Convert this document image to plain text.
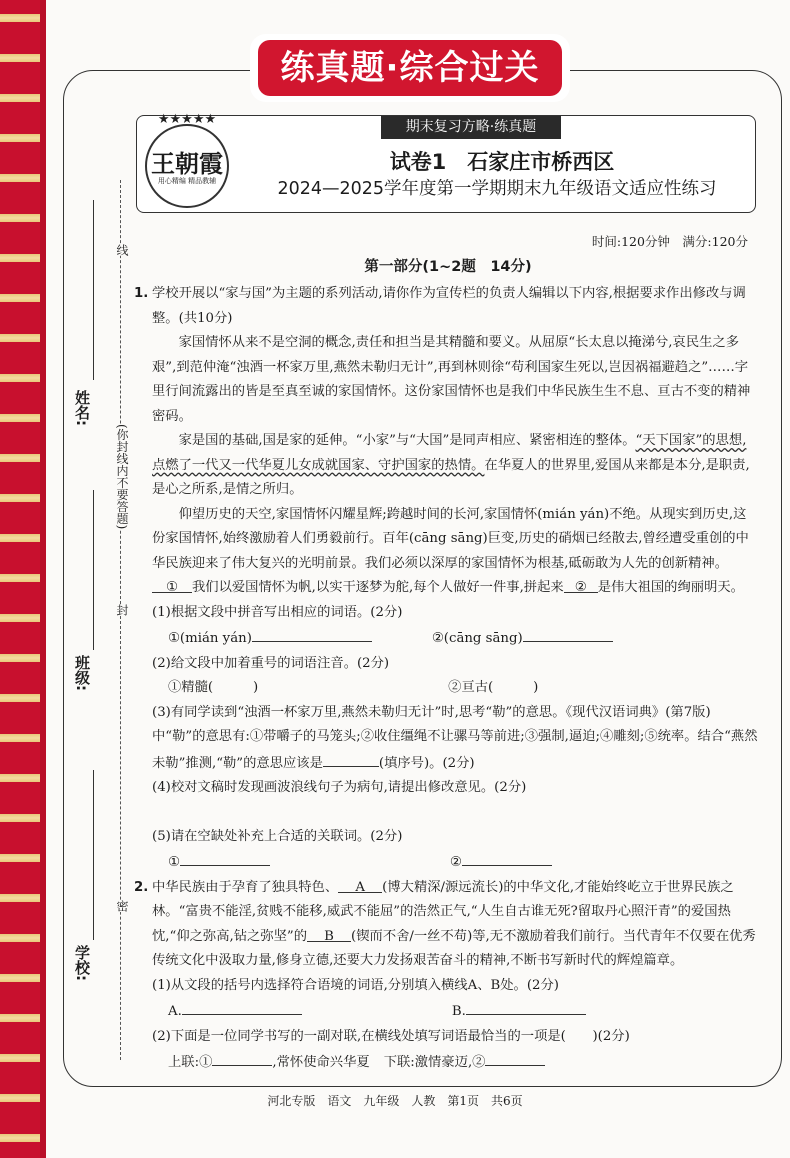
练真题·综合过关
期末复习方略·练真题
★★★★★
王朝霞
用心精编 精品教辅
试卷1　石家庄市桥西区
2024—2025学年度第一学期期末九年级语文适应性练习
时间:120分钟　满分:120分
线
(你封线内不要答题)
封
密
姓名:
班级:
学校:
第一部分(1~2题　14分)

1. 学校开展以“家与国”为主题的系列活动,请你作为宣传栏的负责人编辑以下内容,根据要求作出修改与调整。(共10分)

家国情怀从来不是空洞的概念,责任和担当是其精髓和要义。从屈原“长太息以掩涕兮,哀民生之多艰”,到范仲淹“浊酒一杯家万里,燕然未勒归无计”,再到林则徐“苟利国家生死以,岂因祸福避趋之”……字里行间流露出的皆是至真至诚的家国情怀。这份家国情怀也是我们中华民族生生不息、亘古不变的精神密码。

家是国的基础,国是家的延伸。“小家”与“大国”是同声相应、紧密相连的整体。“天下国家”的思想,点燃了一代又一代华夏儿女成就国家、守护国家的热情。在华夏人的世界里,爱国从来都是本分,是职责,是心之所系,是情之所归。

仰望历史的天空,家国情怀闪耀星辉;跨越时间的长河,家国情怀(mián yán)不绝。从现实到历史,这份家国情怀,始终激励着人们勇毅前行。百年(cāng sāng)巨变,历史的硝烟已经散去,曾经遭受重创的中华民族迎来了伟大复兴的光明前景。我们必须以深厚的家国情怀为根基,砥砺敢为人先的创新精神。① 我们以爱国情怀为帆,以实干逐梦为舵,每个人做好一件事,拼起来 ② 是伟大祖国的绚丽明天。

(1)根据文段中拼音写出相应的词语。(2分)

①(mián yán)	②(cāng sāng)

(2)给文段中加着重号的词语注音。(2分)

①精髓(　　　)	②亘古(　　　)

(3)有同学读到“浊酒一杯家万里,燕然未勒归无计”时,思考“勒”的意思。《现代汉语词典》(第7版)中“勒”的意思有:①带嚼子的马笼头;②收住缰绳不让骡马等前进;③强制,逼迫;④雕刻;⑤统率。结合“燕然未勒”推测,“勒”的意思应该是	(填序号)。(2分)

(4)校对文稿时发现画波浪线句子为病句,请提出修改意见。(2分)

(5)请在空缺处补充上合适的关联词。(2分)

①	②

2. 中华民族由于孕育了独具特色、 A (博大精深/源远流长)的中华文化,才能始终屹立于世界民族之林。“富贵不能淫,贫贱不能移,威武不能屈”的浩然正气,“人生自古谁无死?留取丹心照汗青”的爱国热忱,“仰之弥高,钻之弥坚”的 B (锲而不舍/一丝不苟)等,无不激励着我们前行。当代青年不仅要在优秀传统文化中汲取力量,修身立德,还要大力发扬艰苦奋斗的精神,不断书写新时代的辉煌篇章。

(1)从文段的括号内选择符合语境的词语,分别填入横线A、B处。(2分)

A.	B.

(2)下面是一位同学书写的一副对联,在横线处填写词语最恰当的一项是(　　)(2分)

上联:①	,常怀使命兴华夏 下联:激情豪迈,②

河北专版　语文　九年级　人教　第1页　共6页
